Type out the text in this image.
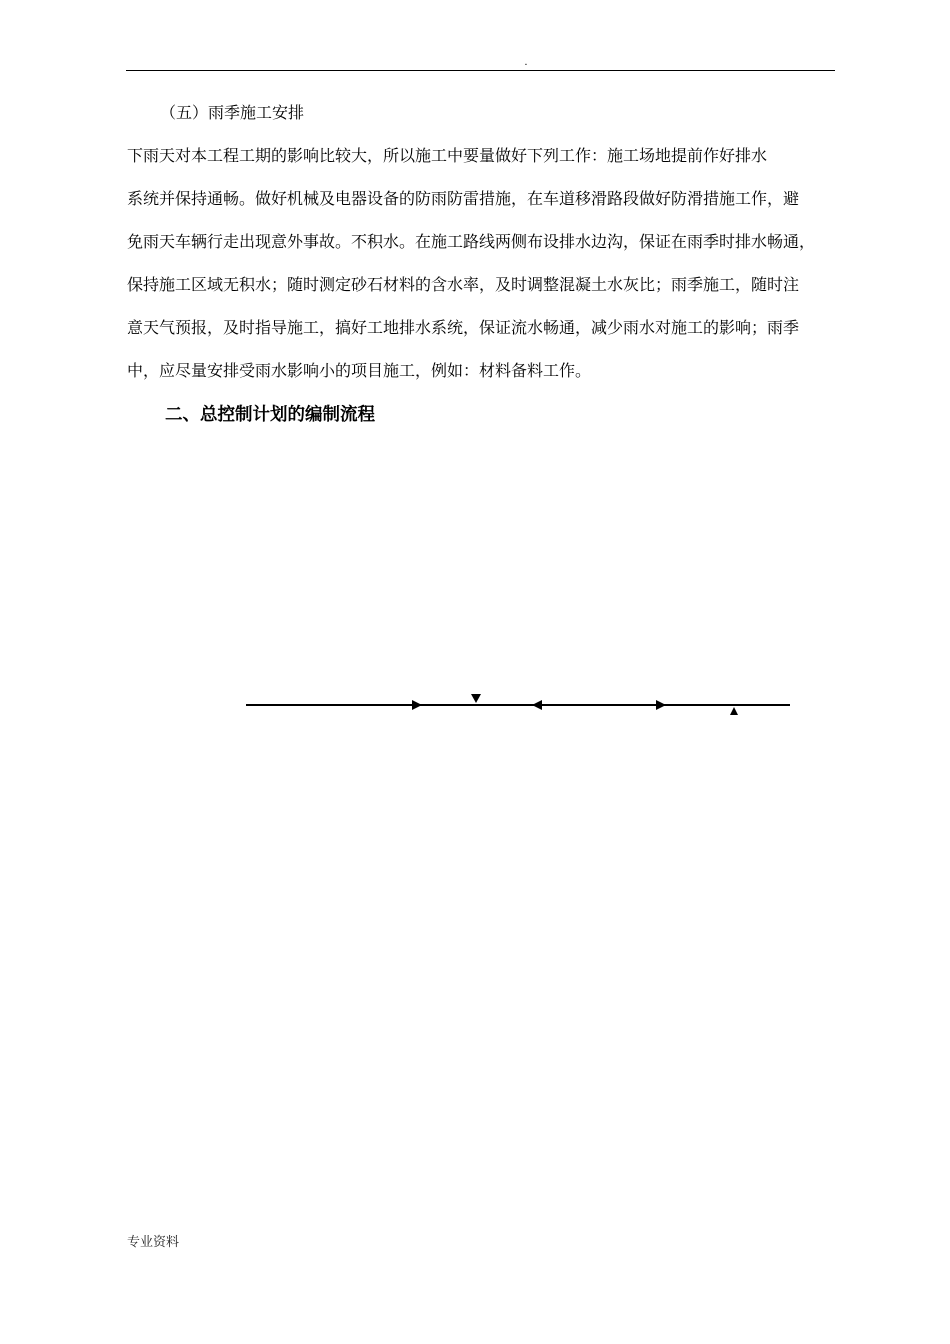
.
（五）雨季施工安排
下雨天对本工程工期的影响比较大，所以施工中要量做好下列工作：施工场地提前作好排水
系统并保持通畅。做好机械及电器设备的防雨防雷措施，在车道移滑路段做好防滑措施工作，避
免雨天车辆行走出现意外事故。不积水。在施工路线两侧布设排水边沟，保证在雨季时排水畅通，
保持施工区域无积水；随时测定砂石材料的含水率，及时调整混凝土水灰比；雨季施工，随时注
意天气预报，及时指导施工，搞好工地排水系统，保证流水畅通，减少雨水对施工的影响；雨季
中，应尽量安排受雨水影响小的项目施工，例如：材料备料工作。
二、总控制计划的编制流程
专业资料
